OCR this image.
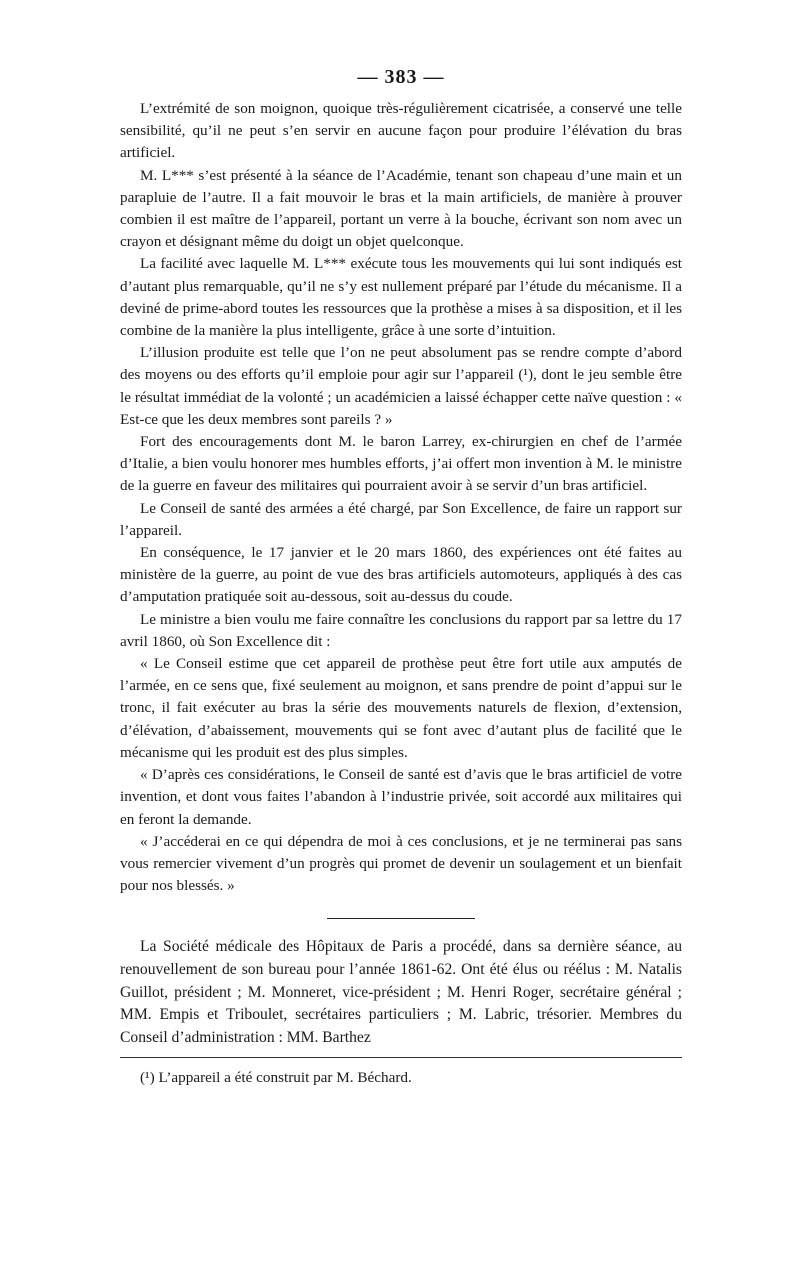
— 383 —

L’extrémité de son moignon, quoique très-régulièrement cicatrisée, a conservé une telle sensibilité, qu’il ne peut s’en servir en aucune façon pour produire l’élévation du bras artificiel.

M. L*** s’est présenté à la séance de l’Académie, tenant son chapeau d’une main et un parapluie de l’autre. Il a fait mouvoir le bras et la main artificiels, de manière à prouver combien il est maître de l’appareil, portant un verre à la bouche, écrivant son nom avec un crayon et désignant même du doigt un objet quelconque.

La facilité avec laquelle M. L*** exécute tous les mouvements qui lui sont indiqués est d’autant plus remarquable, qu’il ne s’y est nullement préparé par l’étude du mécanisme. Il a deviné de prime-abord toutes les ressources que la prothèse a mises à sa disposition, et il les combine de la manière la plus intelligente, grâce à une sorte d’intuition.

L’illusion produite est telle que l’on ne peut absolument pas se rendre compte d’abord des moyens ou des efforts qu’il emploie pour agir sur l’appareil (¹), dont le jeu semble être le résultat immédiat de la volonté ; un académicien a laissé échapper cette naïve question : « Est-ce que les deux membres sont pareils ? »

Fort des encouragements dont M. le baron Larrey, ex-chirurgien en chef de l’armée d’Italie, a bien voulu honorer mes humbles efforts, j’ai offert mon invention à M. le ministre de la guerre en faveur des militaires qui pourraient avoir à se servir d’un bras artificiel.

Le Conseil de santé des armées a été chargé, par Son Excellence, de faire un rapport sur l’appareil.

En conséquence, le 17 janvier et le 20 mars 1860, des expériences ont été faites au ministère de la guerre, au point de vue des bras artificiels automoteurs, appliqués à des cas d’amputation pratiquée soit au-dessous, soit au-dessus du coude.

Le ministre a bien voulu me faire connaître les conclusions du rapport par sa lettre du 17 avril 1860, où Son Excellence dit :

« Le Conseil estime que cet appareil de prothèse peut être fort utile aux amputés de l’armée, en ce sens que, fixé seulement au moignon, et sans prendre de point d’appui sur le tronc, il fait exécuter au bras la série des mouvements naturels de flexion, d’extension, d’élévation, d’abaissement, mouvements qui se font avec d’autant plus de facilité que le mécanisme qui les produit est des plus simples.

« D’après ces considérations, le Conseil de santé est d’avis que le bras artificiel de votre invention, et dont vous faites l’abandon à l’industrie privée, soit accordé aux militaires qui en feront la demande.

« J’accéderai en ce qui dépendra de moi à ces conclusions, et je ne terminerai pas sans vous remercier vivement d’un progrès qui promet de devenir un soulagement et un bienfait pour nos blessés. »

La Société médicale des Hôpitaux de Paris a procédé, dans sa dernière séance, au renouvellement de son bureau pour l’année 1861-62. Ont été élus ou réélus : M. Natalis Guillot, président ; M. Monneret, vice-président ; M. Henri Roger, secrétaire général ; MM. Empis et Triboulet, secrétaires particuliers ; M. Labric, trésorier. Membres du Conseil d’administration : MM. Barthez

(¹) L’appareil a été construit par M. Béchard.
